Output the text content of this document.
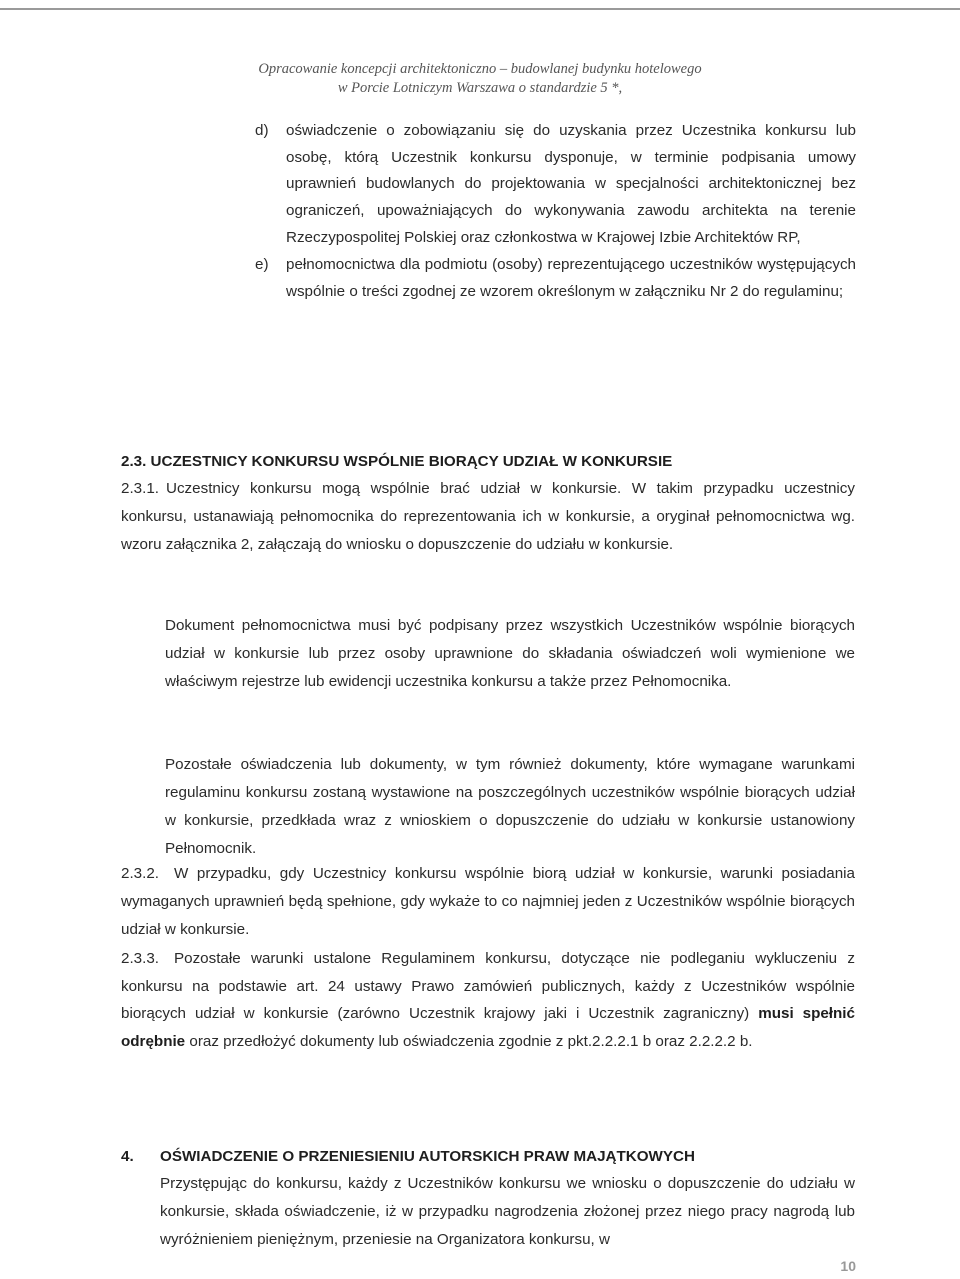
Opracowanie koncepcji architektoniczno – budowlanej budynku hotelowego
w Porcie Lotniczym Warszawa o standardzie 5 *,
d) oświadczenie o zobowiązaniu się do uzyskania przez Uczestnika konkursu lub osobę, którą Uczestnik konkursu dysponuje, w terminie podpisania umowy uprawnień budowlanych do projektowania w specjalności architektonicznej bez ograniczeń, upoważniających do wykonywania zawodu architekta na terenie Rzeczypospolitej Polskiej oraz członkostwa w Krajowej Izbie Architektów RP,
e) pełnomocnictwa dla podmiotu (osoby) reprezentującego uczestników występujących wspólnie o treści zgodnej ze wzorem określonym w załączniku Nr 2 do regulaminu;
2.3. UCZESTNICY KONKURSU WSPÓLNIE BIORĄCY UDZIAŁ W KONKURSIE
2.3.1. Uczestnicy konkursu mogą wspólnie brać udział w konkursie. W takim przypadku uczestnicy konkursu, ustanawiają pełnomocnika do reprezentowania ich w konkursie, a oryginał pełnomocnictwa wg. wzoru załącznika 2, załączają do wniosku o dopuszczenie do udziału w konkursie.
Dokument pełnomocnictwa musi być podpisany przez wszystkich Uczestników wspólnie biorących udział w konkursie lub przez osoby uprawnione do składania oświadczeń woli wymienione we właściwym rejestrze lub ewidencji uczestnika konkursu a także przez Pełnomocnika.
Pozostałe oświadczenia lub dokumenty, w tym również dokumenty, które wymagane warunkami regulaminu konkursu zostaną wystawione na poszczególnych uczestników wspólnie biorących udział w konkursie, przedkłada wraz z wnioskiem o dopuszczenie do udziału w konkursie ustanowiony Pełnomocnik.
2.3.2. W przypadku, gdy Uczestnicy konkursu wspólnie biorą udział w konkursie, warunki posiadania wymaganych uprawnień będą spełnione, gdy wykaże to co najmniej jeden z Uczestników wspólnie biorących udział w konkursie.
2.3.3. Pozostałe warunki ustalone Regulaminem konkursu, dotyczące nie podleganiu wykluczeniu z konkursu na podstawie art. 24 ustawy Prawo zamówień publicznych, każdy z Uczestników wspólnie biorących udział w konkursie (zarówno Uczestnik krajowy jaki i Uczestnik zagraniczny) musi spełnić odrębnie oraz przedłożyć dokumenty lub oświadczenia zgodnie z pkt.2.2.2.1 b oraz 2.2.2.2 b.
4. OŚWIADCZENIE O PRZENIESIENIU AUTORSKICH PRAW MAJĄTKOWYCH
Przystępując do konkursu, każdy z Uczestników konkursu we wniosku o dopuszczenie do udziału w konkursie, składa oświadczenie, iż w przypadku nagrodzenia złożonej przez niego pracy nagrodą lub wyróżnieniem pieniężnym, przeniesie na Organizatora konkursu, w
10
